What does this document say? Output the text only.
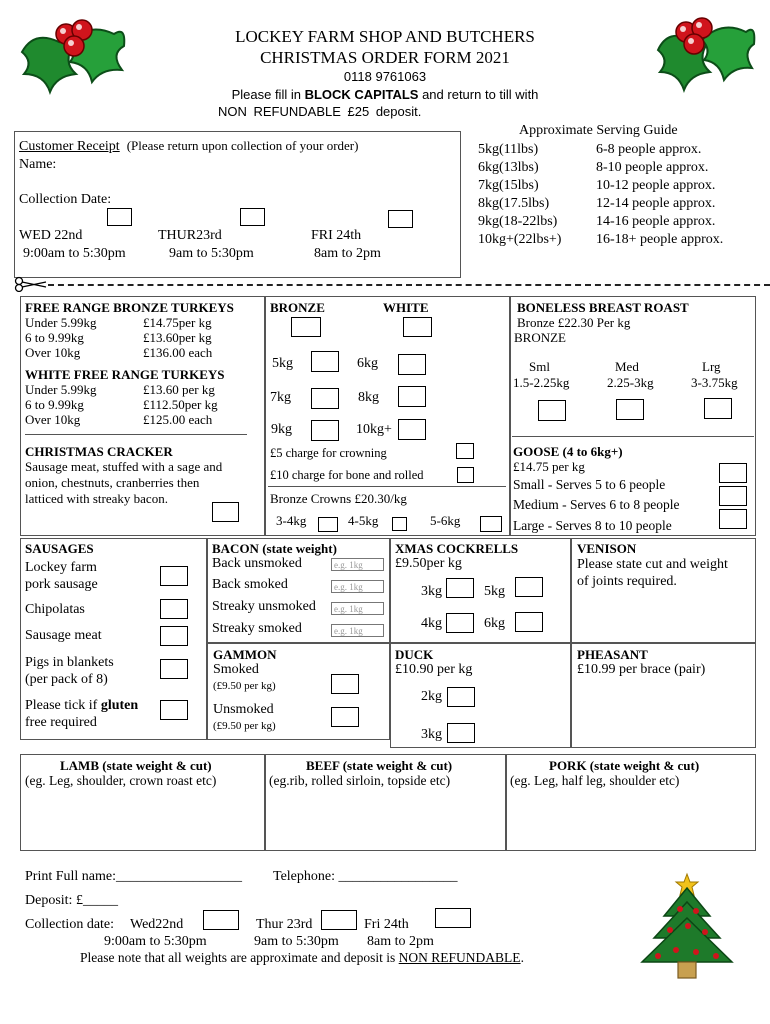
LOCKEY FARM SHOP AND BUTCHERS
CHRISTMAS ORDER FORM 2021
0118 9761063
Please fill in BLOCK CAPITALS and return to till with
NON REFUNDABLE £25 deposit.
Customer Receipt (Please return upon collection of your order)
Name:
Collection Date:
WED 22nd	THUR23rd	FRI 24th
9:00am to 5:30pm	9am to 5:30pm	8am to 2pm
Approximate Serving Guide
5kg(11lbs)	6-8 people approx.
6kg(13lbs)	8-10 people approx.
7kg(15lbs)	10-12 people approx.
8kg(17.5lbs)	12-14 people approx.
9kg(18-22lbs)	14-16 people approx.
10kg+(22lbs+) 16-18+ people approx.
FREE RANGE BRONZE TURKEYS
Under 5.99kg	£14.75per kg
6 to 9.99kg	£13.60per kg
Over 10kg	£136.00 each
WHITE FREE RANGE TURKEYS
Under 5.99kg	£13.60 per kg
6 to 9.99kg	£112.50per kg
Over 10kg	£125.00 each
CHRISTMAS CRACKER
Sausage meat, stuffed with a sage and
onion, chestnuts, cranberries then
latticed with streaky bacon.
BRONZE	WHITE
5kg	6kg
7kg	8kg
9kg	10kg+
£5 charge for crowning
£10 charge for bone and rolled
Bronze Crowns £20.30/kg
3-4kg	4-5kg	5-6kg
BONELESS BREAST ROAST
Bronze £22.30 Per kg
BRONZE
Sml	Med	Lrg
1.5-2.25kg	2.25-3kg	3-3.75kg
GOOSE (4 to 6kg+)
£14.75 per kg
Small - Serves 5 to 6 people
Medium - Serves 6 to 8 people
Large - Serves 8 to 10 people
SAUSAGES
Lockey farm
pork sausage
Chipolatas
Sausage meat
Pigs in blankets
(per pack of 8)
Please tick if gluten
free required
BACON (state weight)
Back unsmoked	e.g. 1kg
Back smoked	e.g. 1kg
Streaky unsmoked	e.g. 1kg
Streaky smoked	e.g. 1kg
XMAS COCKRELLS
£9.50per kg
3kg	5kg
4kg	6kg
VENISON
Please state cut and weight
of joints required.
GAMMON
Smoked
(£9.50 per kg)
Unsmoked
(£9.50 per kg)
DUCK
£10.90 per kg
2kg
3kg
PHEASANT
£10.99 per brace (pair)
LAMB (state weight & cut)
(eg. Leg, shoulder, crown roast etc)
BEEF (state weight & cut)
(eg.rib, rolled sirloin, topside etc)
PORK (state weight & cut)
(eg. Leg, half leg, shoulder etc)
Print Full name:__________________ Telephone: _________________
Deposit: £_____
Collection date: Wed22nd	Thur 23rd	Fri 24th
9:00am to 5:30pm	9am to 5:30pm 8am to 2pm
Please note that all weights are approximate and deposit is NON REFUNDABLE.
